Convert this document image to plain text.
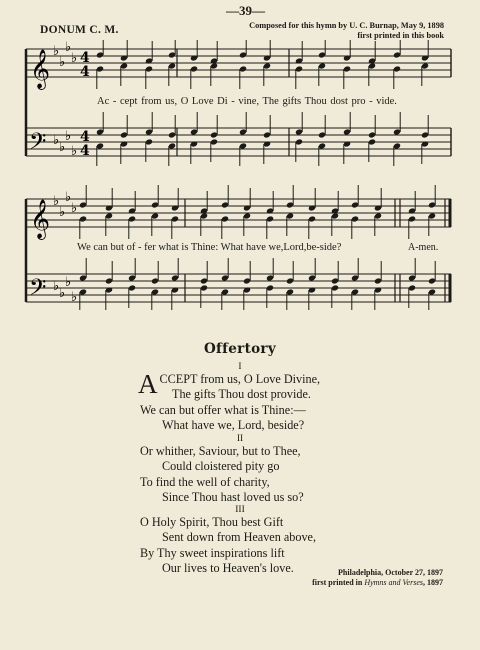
—39—
DONUM C. M.	Composed for this hymn by U. C. Burnap, May 9, 1898
first printed in this book
𝄞
𝄢
♭
♭
♭
♭
♭ ♭
♭
♭
4
4
4
4
Ac - cept from us, O Love Di - vine, The gifts Thou dost pro - vide.
𝄞
𝄢
♭
♭
♭
♭
♭ ♭
♭
♭
We can but of - fer what is Thine: What have we,Lord,be-side?	A-men.
Offertory
I
ACCEPT from us, O Love Divine,
The gifts Thou dost provide.
We can but offer what is Thine:—
What have we, Lord, beside?
II
Or whither, Saviour, but to Thee,
Could cloistered pity go
To find the well of charity,
Since Thou hast loved us so?
III
O Holy Spirit, Thou best Gift
Sent down from Heaven above,
By Thy sweet inspirations lift
Our lives to Heaven's love.	Philadelphia, October 27, 1897
first printed in Hymns and Verses, 1897
